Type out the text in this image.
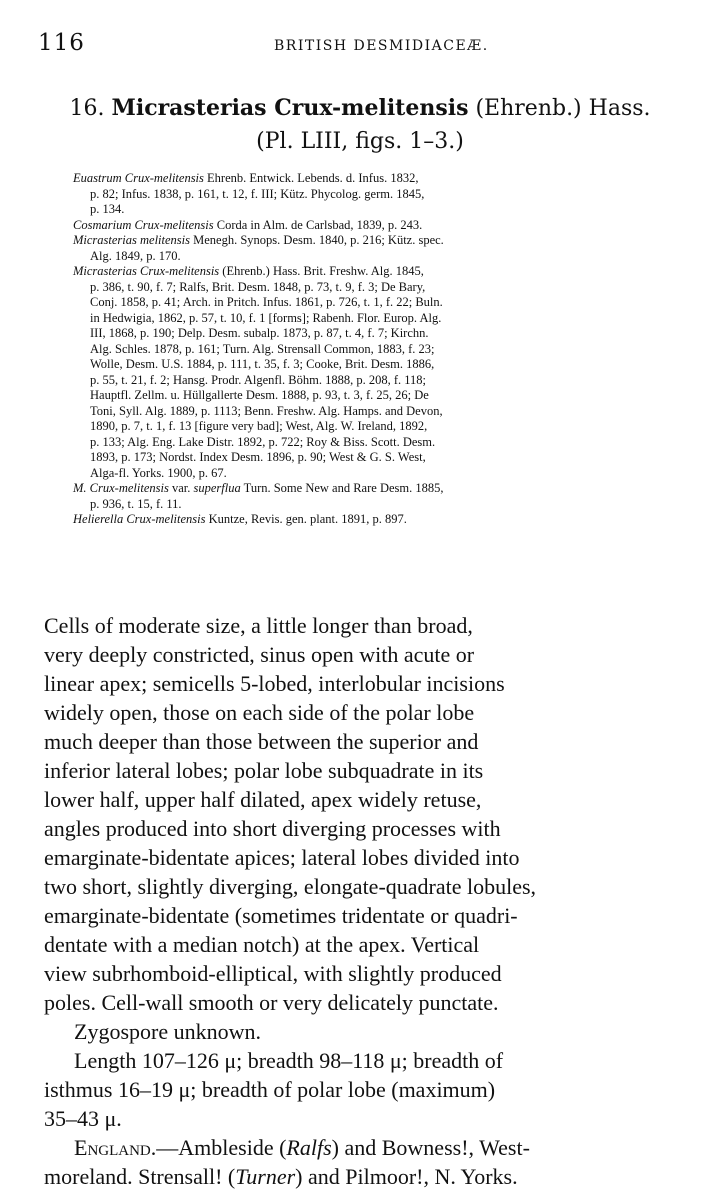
116	BRITISH DESMIDIACEÆ.
16. Micrasterias Crux-melitensis (Ehrenb.) Hass.
(Pl. LIII, figs. 1–3.)
Euastrum Crux-melitensis Ehrenb. Entwick. Lebends. d. Infus. 1832,
p. 82; Infus. 1838, p. 161, t. 12, f. III; Kütz. Phycolog. germ. 1845,
p. 134.
Cosmarium Crux-melitensis Corda in Alm. de Carlsbad, 1839, p. 243.
Micrasterias melitensis Menegh. Synops. Desm. 1840, p. 216; Kütz. spec.
Alg. 1849, p. 170.
Micrasterias Crux-melitensis (Ehrenb.) Hass. Brit. Freshw. Alg. 1845,
p. 386, t. 90, f. 7; Ralfs, Brit. Desm. 1848, p. 73, t. 9, f. 3; De Bary,
Conj. 1858, p. 41; Arch. in Pritch. Infus. 1861, p. 726, t. 1, f. 22; Buln.
in Hedwigia, 1862, p. 57, t. 10, f. 1 [forms]; Rabenh. Flor. Europ. Alg.
III, 1868, p. 190; Delp. Desm. subalp. 1873, p. 87, t. 4, f. 7; Kirchn.
Alg. Schles. 1878, p. 161; Turn. Alg. Strensall Common, 1883, f. 23;
Wolle, Desm. U.S. 1884, p. 111, t. 35, f. 3; Cooke, Brit. Desm. 1886,
p. 55, t. 21, f. 2; Hansg. Prodr. Algenfl. Böhm. 1888, p. 208, f. 118;
Hauptfl. Zellm. u. Hüllgallerte Desm. 1888, p. 93, t. 3, f. 25, 26; De
Toni, Syll. Alg. 1889, p. 1113; Benn. Freshw. Alg. Hamps. and Devon,
1890, p. 7, t. 1, f. 13 [figure very bad]; West, Alg. W. Ireland, 1892,
p. 133; Alg. Eng. Lake Distr. 1892, p. 722; Roy & Biss. Scott. Desm.
1893, p. 173; Nordst. Index Desm. 1896, p. 90; West & G. S. West,
Alga-fl. Yorks. 1900, p. 67.
M. Crux-melitensis var. superflua Turn. Some New and Rare Desm. 1885,
p. 936, t. 15, f. 11.
Helierella Crux-melitensis Kuntze, Revis. gen. plant. 1891, p. 897.
Cells of moderate size, a little longer than broad,
very deeply constricted, sinus open with acute or
linear apex; semicells 5-lobed, interlobular incisions
widely open, those on each side of the polar lobe
much deeper than those between the superior and
inferior lateral lobes; polar lobe subquadrate in its
lower half, upper half dilated, apex widely retuse,
angles produced into short diverging processes with
emarginate-bidentate apices; lateral lobes divided into
two short, slightly diverging, elongate-quadrate lobules,
emarginate-bidentate (sometimes tridentate or quadri-
dentate with a median notch) at the apex. Vertical
view subrhomboid-elliptical, with slightly produced
poles. Cell-wall smooth or very delicately punctate.
Zygospore unknown.
Length 107–126 μ; breadth 98–118 μ; breadth of
isthmus 16–19 μ; breadth of polar lobe (maximum)
35–43 μ.
England.—Ambleside (Ralfs) and Bowness!, West-
moreland. Strensall! (Turner) and Pilmoor!, N. Yorks.
